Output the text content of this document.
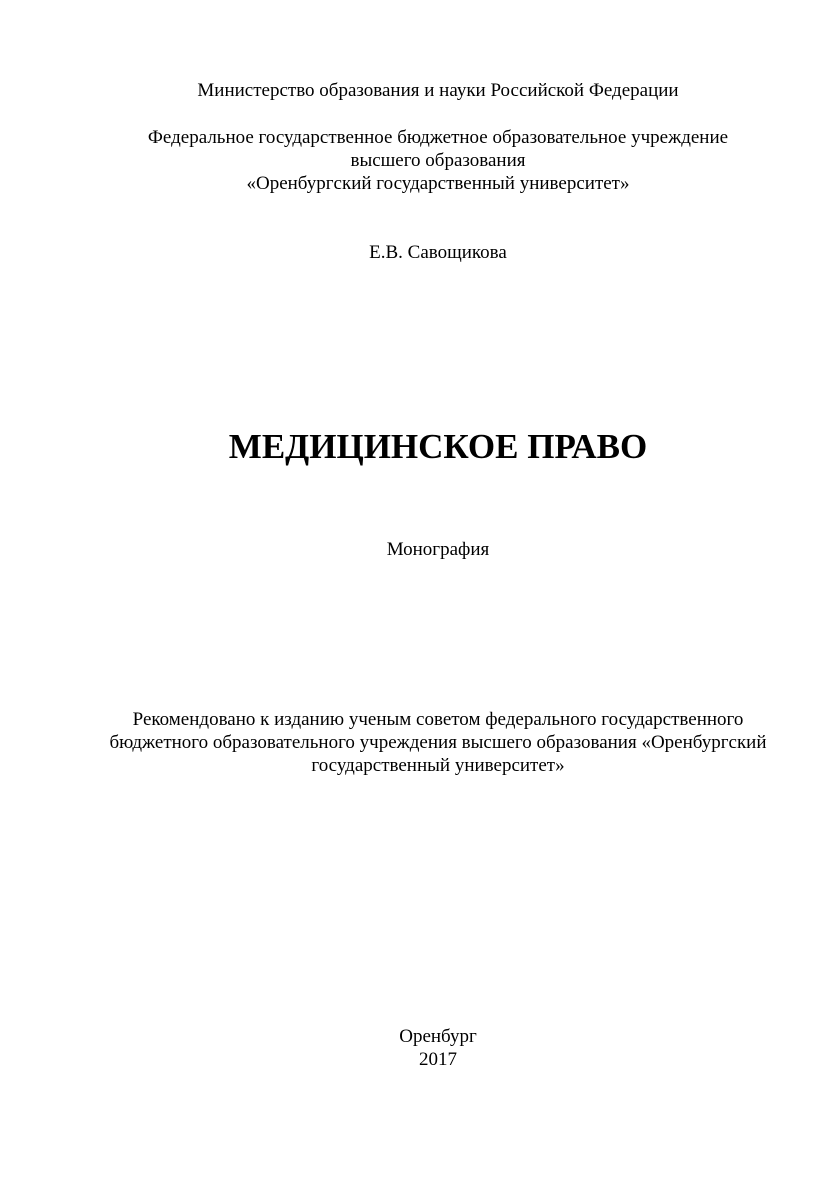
Министерство образования и науки Российской Федерации
Федеральное государственное бюджетное образовательное учреждение
высшего образования
«Оренбургский государственный университет»
Е.В. Савощикова
МЕДИЦИНСКОЕ ПРАВО
Монография
Рекомендовано к изданию ученым советом федерального государственного
бюджетного образовательного учреждения высшего образования «Оренбургский
государственный университет»
Оренбург
2017
